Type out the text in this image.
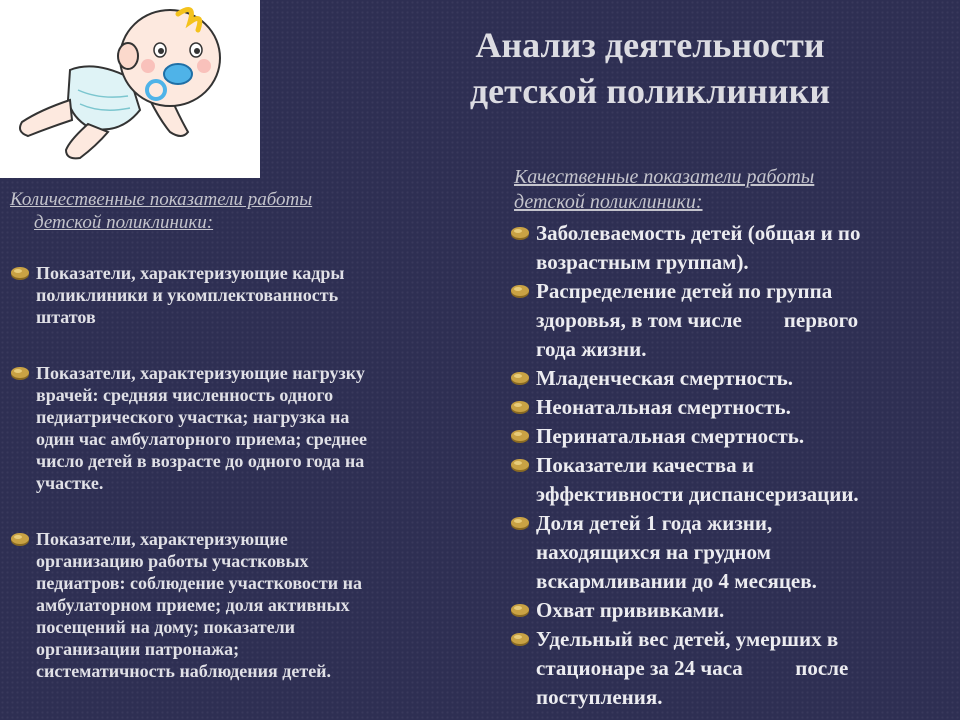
Анализ деятельности
детской поликлиники
Количественные показатели работы
детской поликлиники:
Показатели, характеризующие кадры
поликлиники и укомплектованность
штатов
Показатели, характеризующие нагрузку
врачей: средняя численность одного
педиатрического участка; нагрузка на
один час амбулаторного приема; среднее
число детей в возрасте до одного года на
участке.
Показатели, характеризующие
организацию работы участковых
педиатров: соблюдение участковости на
амбулаторном приеме; доля активных
посещений на дому; показатели
организации патронажа;
систематичность наблюдения детей.
Качественные показатели работы
детской поликлиники:
Заболеваемость детей (общая и по
возрастным группам).
Распределение детей по группа
здоровья, в том числе        первого
года жизни.
Младенческая смертность.
Неонатальная смертность.
Перинатальная смертность.
Показатели качества и
эффективности диспансеризации.
Доля детей 1 года жизни,
находящихся на грудном
вскармливании до 4 месяцев.
Охват прививками.
Удельный вес детей, умерших в
стационаре за 24 часа          после
поступления.
